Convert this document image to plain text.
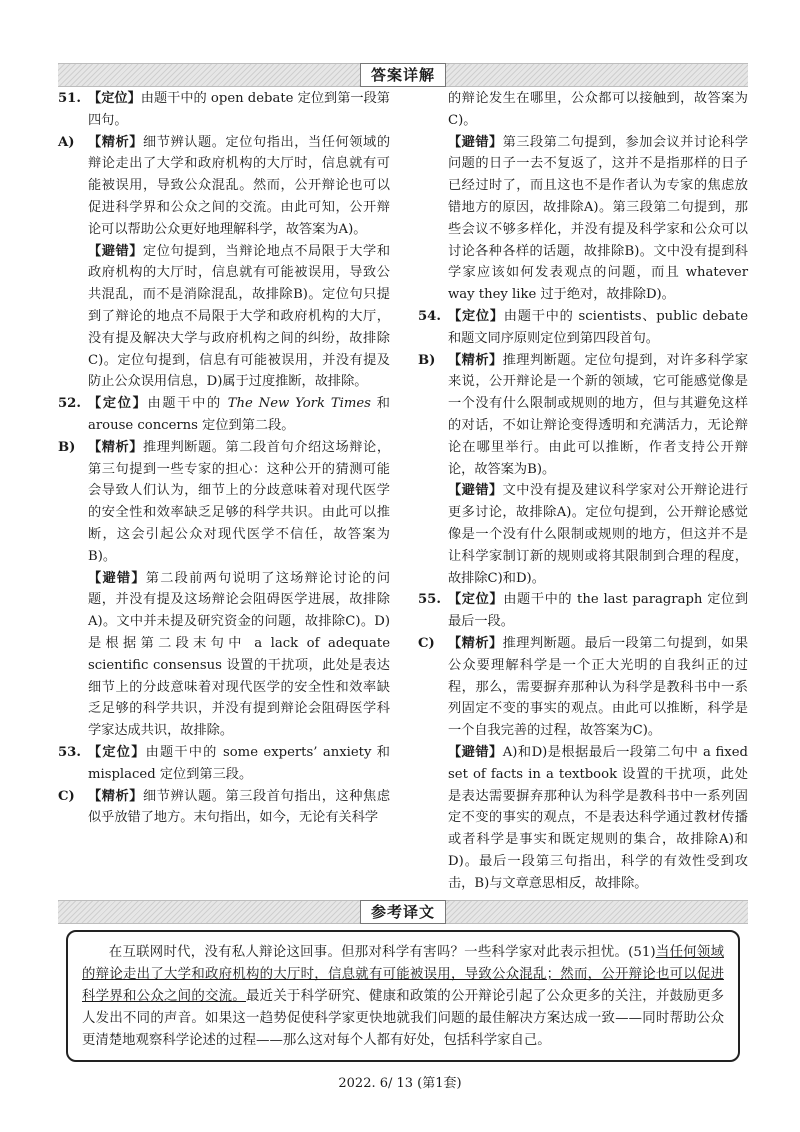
答案详解
51. 【定位】由题干中的 open debate 定位到第一段第四句。

A)	【精析】细节辨认题。定位句指出，当任何领域的辩论走出了大学和政府机构的大厅时，信息就有可能被误用，导致公众混乱。然而，公开辩论也可以促进科学界和公众之间的交流。由此可知，公开辩论可以帮助公众更好地理解科学，故答案为A)。

【避错】定位句提到，当辩论地点不局限于大学和政府机构的大厅时，信息就有可能被误用，导致公共混乱，而不是消除混乱，故排除B)。定位句只提到了辩论的地点不局限于大学和政府机构的大厅，没有提及解决大学与政府机构之间的纠纷，故排除C)。定位句提到，信息有可能被误用，并没有提及防止公众误用信息，D)属于过度推断，故排除。

52. 【定位】由题干中的 The New York Times 和 arouse concerns 定位到第二段。

B) 【精析】推理判断题。第二段首句介绍这场辩论，第三句提到一些专家的担心：这种公开的猜测可能会导致人们认为，细节上的分歧意味着对现代医学的安全性和效率缺乏足够的科学共识。由此可以推断，这会引起公众对现代医学不信任，故答案为B)。

【避错】第二段前两句说明了这场辩论讨论的问题，并没有提及这场辩论会阻碍医学进展，故排除A)。文中并未提及研究资金的问题，故排除C)。D)是根据第二段末句中 a lack of adequate scientific consensus 设置的干扰项，此处是表达细节上的分歧意味着对现代医学的安全性和效率缺乏足够的科学共识，并没有提到辩论会阻碍医学科学家达成共识，故排除。

53. 【定位】由题干中的 some experts’ anxiety 和 misplaced 定位到第三段。

C)	【精析】细节辨认题。第三段首句指出，这种焦虑似乎放错了地方。末句指出，如今，无论有关科学

的辩论发生在哪里，公众都可以接触到，故答案为C)。

【避错】第三段第二句提到，参加会议并讨论科学问题的日子一去不复返了，这并不是指那样的日子已经过时了，而且这也不是作者认为专家的焦虑放错地方的原因，故排除A)。第三段第二句提到，那些会议不够多样化，并没有提及科学家和公众可以讨论各种各样的话题，故排除B)。文中没有提到科学家应该如何发表观点的问题，而且 whatever way they like 过于绝对，故排除D)。

54. 【定位】由题干中的 scientists、public debate 和题文同序原则定位到第四段首句。

B) 【精析】推理判断题。定位句提到，对许多科学家来说，公开辩论是一个新的领域，它可能感觉像是一个没有什么限制或规则的地方，但与其避免这样的对话，不如让辩论变得透明和充满活力，无论辩论在哪里举行。由此可以推断，作者支持公开辩论，故答案为B)。

【避错】文中没有提及建议科学家对公开辩论进行更多讨论，故排除A)。定位句提到，公开辩论感觉像是一个没有什么限制或规则的地方，但这并不是让科学家制订新的规则或将其限制到合理的程度，故排除C)和D)。

55. 【定位】由题干中的 the last paragraph 定位到最后一段。

C)	【精析】推理判断题。最后一段第二句提到，如果公众要理解科学是一个正大光明的自我纠正的过程，那么，需要摒弃那种认为科学是教科书中一系列固定不变的事实的观点。由此可以推断，科学是一个自我完善的过程，故答案为C)。

【避错】A)和D)是根据最后一段第二句中 a fixed set of facts in a textbook 设置的干扰项，此处是表达需要摒弃那种认为科学是教科书中一系列固定不变的事实的观点，不是表达科学通过教材传播或者科学是事实和既定规则的集合，故排除A)和D)。最后一段第三句指出，科学的有效性受到攻击，B)与文章意思相反，故排除。

参考译文

在互联网时代，没有私人辩论这回事。但那对科学有害吗？一些科学家对此表示担忧。(51)当任何领域的辩论走出了大学和政府机构的大厅时，信息就有可能被误用，导致公众混乱；然而，公开辩论也可以促进科学界和公众之间的交流。最近关于科学研究、健康和政策的公开辩论引起了公众更多的关注，并鼓励更多人发出不同的声音。如果这一趋势促使科学家更快地就我们问题的最佳解决方案达成一致——同时帮助公众更清楚地观察科学论述的过程——那么这对每个人都有好处，包括科学家自己。

2022. 6/ 13 (第1套)
